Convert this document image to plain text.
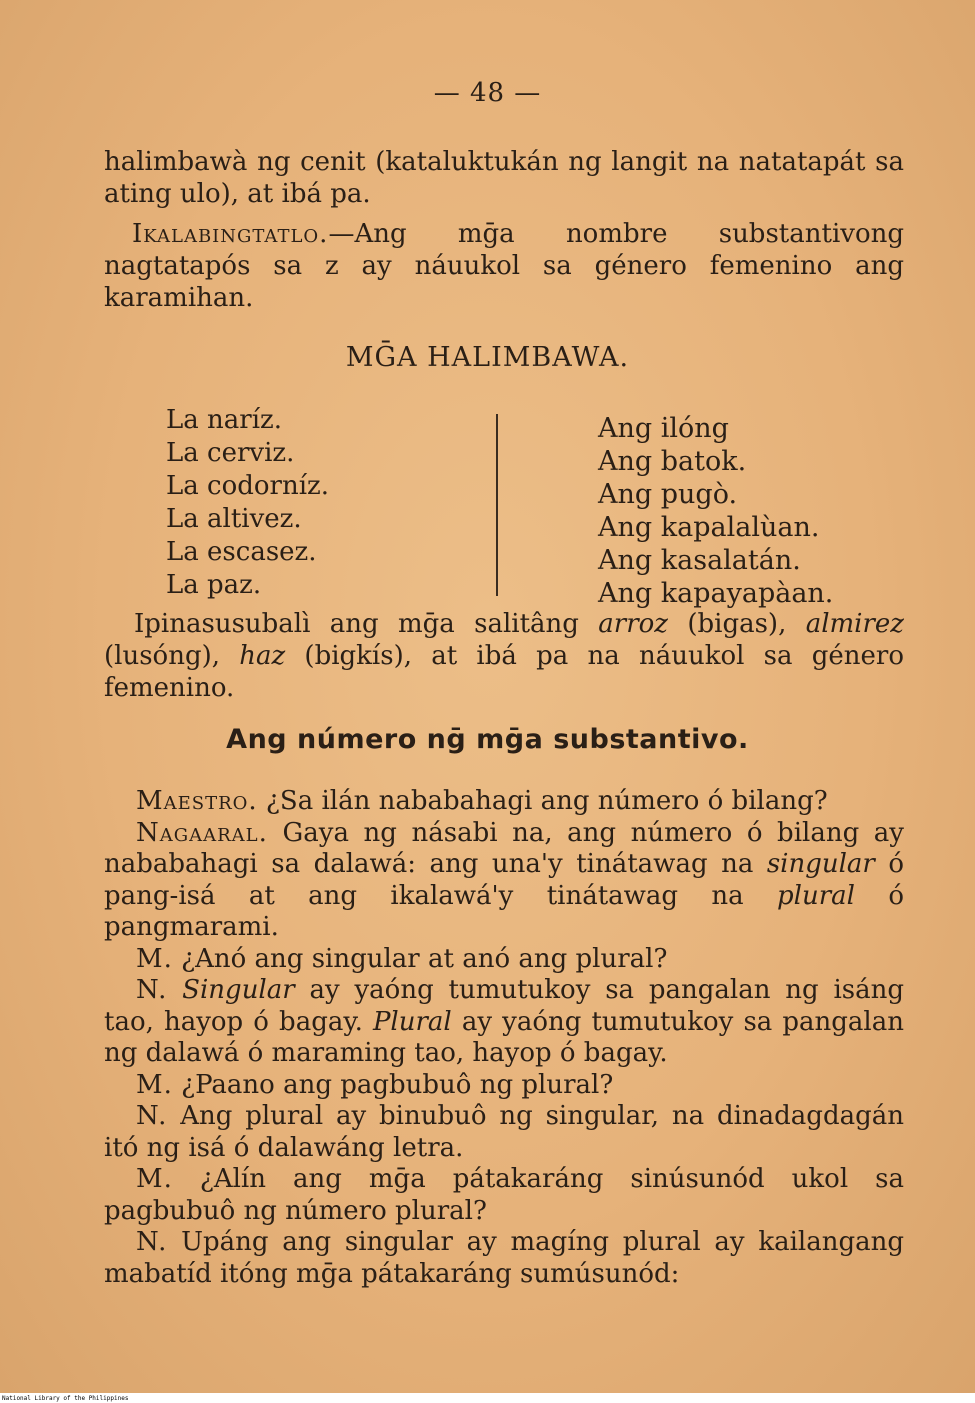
— 48 —

halimbawà ng cenit (kataluktukán ng langit na natatapát sa ating ulo), at ibá pa.

Ikalabingtatlo.—Ang mḡa nombre substantivong nagtatapós sa z ay náuukol sa género femenino ang karamihan.

MḠA HALIMBAWA.
La naríz.
La cerviz.
La codorníz.
La altivez.
La escasez.
La paz.
Ang ilóng
Ang batok.
Ang pugò.
Ang kapalalùan.
Ang kasalatán.
Ang kapayapàan.

Ipinasusubalì ang mḡa salitâng arroz (bigas), almirez (lusóng), haz (bigkís), at ibá pa na náuukol sa género femenino.

Ang número nḡ mḡa substantivo.

Maestro. ¿Sa ilán nababahagi ang número ó bilang?

Nagaaral. Gaya ng násabi na, ang número ó bilang ay nababahagi sa dalawá: ang una'y tinátawag na singular ó pang-isá at ang ikalawá'y tinátawag na plural ó pangmarami.

M. ¿Anó ang singular at anó ang plural?

N. Singular ay yaóng tumutukoy sa pangalan ng isáng tao, hayop ó bagay. Plural ay yaóng tumutukoy sa pangalan ng dalawá ó maraming tao, hayop ó bagay.

M. ¿Paano ang pagbubuô ng plural?

N. Ang plural ay binubuô ng singular, na dinadagdagán itó ng isá ó dalawáng letra.

M. ¿Alín ang mḡa pátakaráng sinúsunód ukol sa pagbubuô ng número plural?

N. Upáng ang singular ay magíng plural ay kailangang mabatíd itóng mḡa pátakaráng sumúsunód:

National Library of the Philippines
